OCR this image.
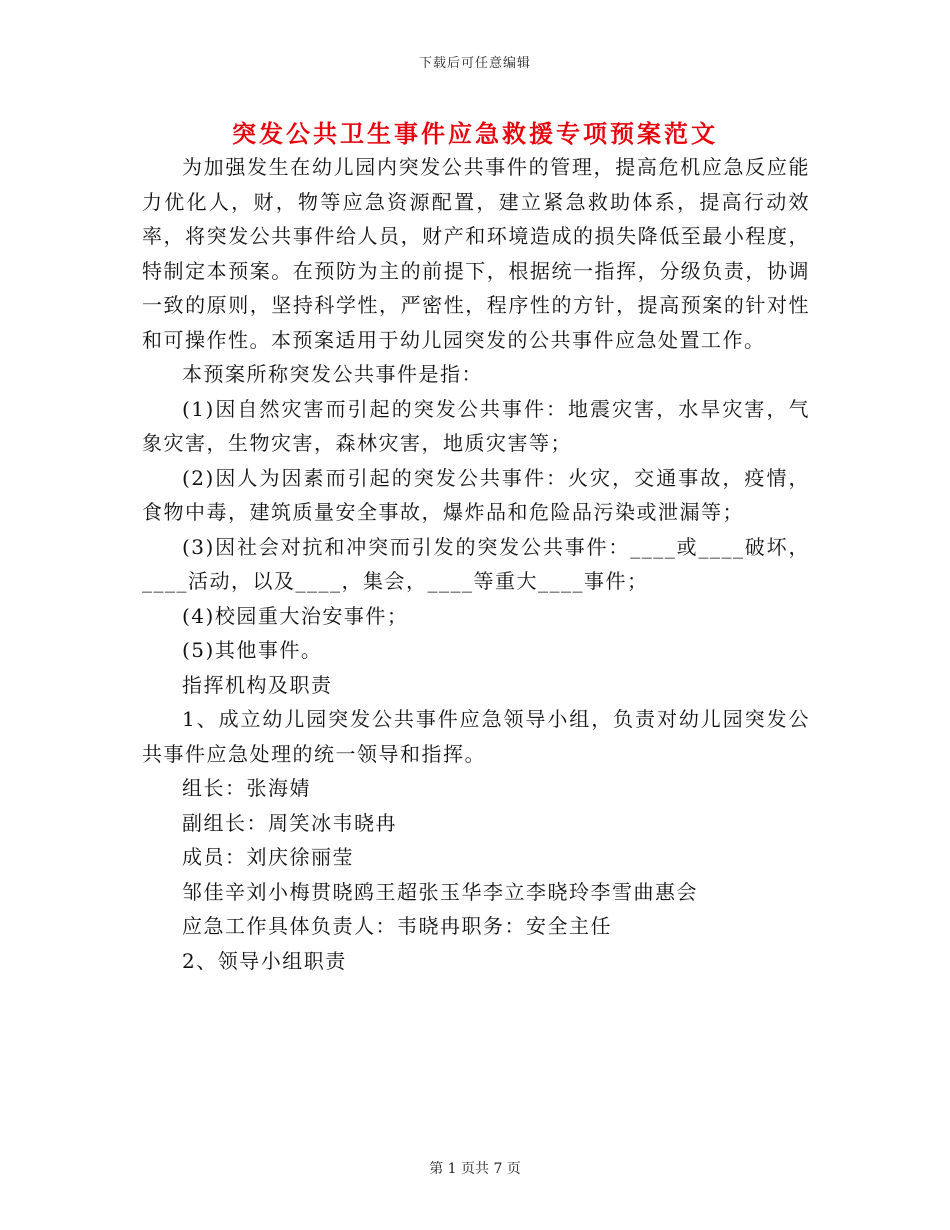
下载后可任意编辑
突发公共卫生事件应急救援专项预案范文

为加强发生在幼儿园内突发公共事件的管理，提高危机应急反应能力优化人，财，物等应急资源配置，建立紧急救助体系，提高行动效率，将突发公共事件给人员，财产和环境造成的损失降低至最小程度，特制定本预案。在预防为主的前提下，根据统一指挥，分级负责，协调一致的原则，坚持科学性，严密性，程序性的方针，提高预案的针对性和可操作性。本预案适用于幼儿园突发的公共事件应急处置工作。

本预案所称突发公共事件是指：

(1)因自然灾害而引起的突发公共事件：地震灾害，水旱灾害，气象灾害，生物灾害，森林灾害，地质灾害等；

(2)因人为因素而引起的突发公共事件：火灾，交通事故，疫情，食物中毒，建筑质量安全事故，爆炸品和危险品污染或泄漏等；

(3)因社会对抗和冲突而引发的突发公共事件：____或____破坏，____活动，以及____，集会，____等重大____事件；

(4)校园重大治安事件；

(5)其他事件。

指挥机构及职责

1、成立幼儿园突发公共事件应急领导小组，负责对幼儿园突发公共事件应急处理的统一领导和指挥。

组长：张海婧

副组长：周笑冰韦晓冉

成员：刘庆徐丽莹

邹佳辛刘小梅贯晓鸥王超张玉华李立李晓玲李雪曲惠会

应急工作具体负责人：韦晓冉职务：安全主任

2、领导小组职责

第 1 页共 7 页
